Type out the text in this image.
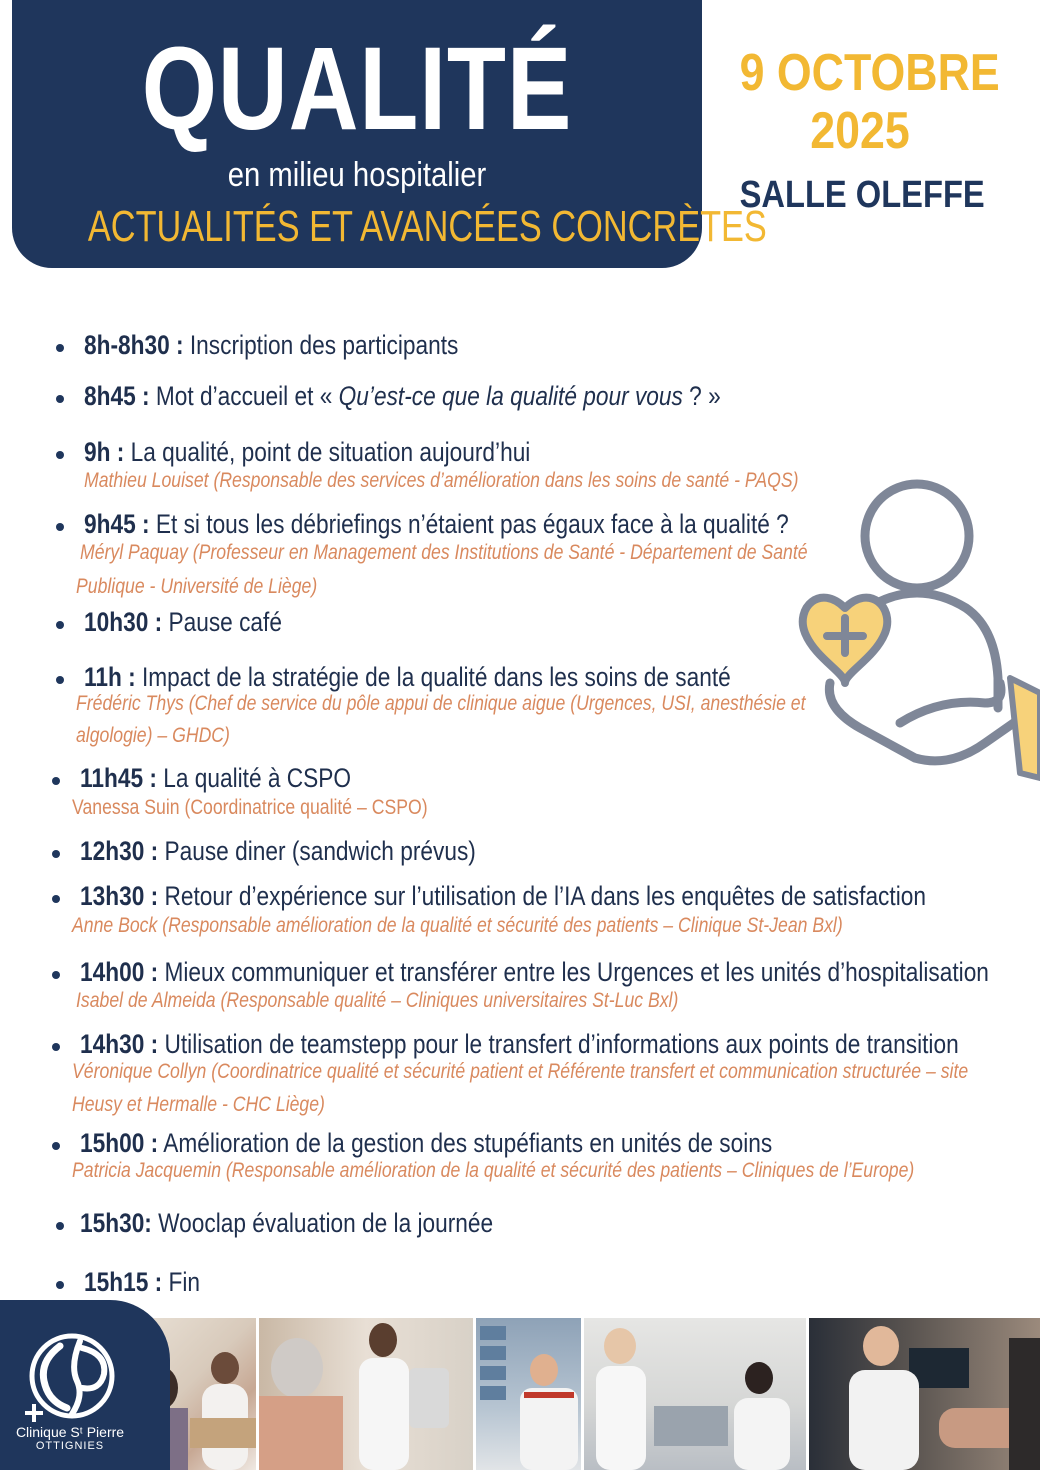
QUALITÉ
en milieu hospitalier
ACTUALITÉS ET AVANCÉES CONCRÈTES
9 OCTOBRE
2025
SALLE OLEFFE
8h-8h30 : Inscription des participants
8h45 : Mot d’accueil et « Qu’est-ce que la qualité pour vous ? »
9h : La qualité, point de situation aujourd’hui
Mathieu Louiset (Responsable des services d’amélioration dans les soins de santé - PAQS)
9h45 : Et si tous les débriefings n’étaient pas égaux face à la qualité ?
Méryl Paquay (Professeur en Management des Institutions de Santé - Département de Santé
Publique - Université de Liège)
10h30 : Pause café
11h : Impact de la stratégie de la qualité dans les soins de santé
Frédéric Thys (Chef de service du pôle appui de clinique aigue (Urgences, USI, anesthésie et
algologie) – GHDC)
11h45 : La qualité à CSPO
Vanessa Suin (Coordinatrice qualité – CSPO)
12h30 : Pause diner (sandwich prévus)
13h30 : Retour d’expérience sur l’utilisation de l’IA dans les enquêtes de satisfaction
Anne Bock (Responsable amélioration de la qualité et sécurité des patients – Clinique St-Jean Bxl)
14h00 : Mieux communiquer et transférer entre les Urgences et les unités d’hospitalisation
Isabel de Almeida (Responsable qualité – Cliniques universitaires St-Luc Bxl)
14h30 : Utilisation de teamstepp pour le transfert d’informations aux points de transition
Véronique Collyn (Coordinatrice qualité et sécurité patient et Référente transfert et communication structurée – site
Heusy et Hermalle - CHC Liège)
15h00 : Amélioration de la gestion des stupéfiants en unités de soins
Patricia Jacquemin (Responsable amélioration de la qualité et sécurité des patients – Cliniques de l’Europe)
15h30: Wooclap évaluation de la journée
15h15 : Fin
Clinique Sᵗ Pierre
OTTIGNIES
